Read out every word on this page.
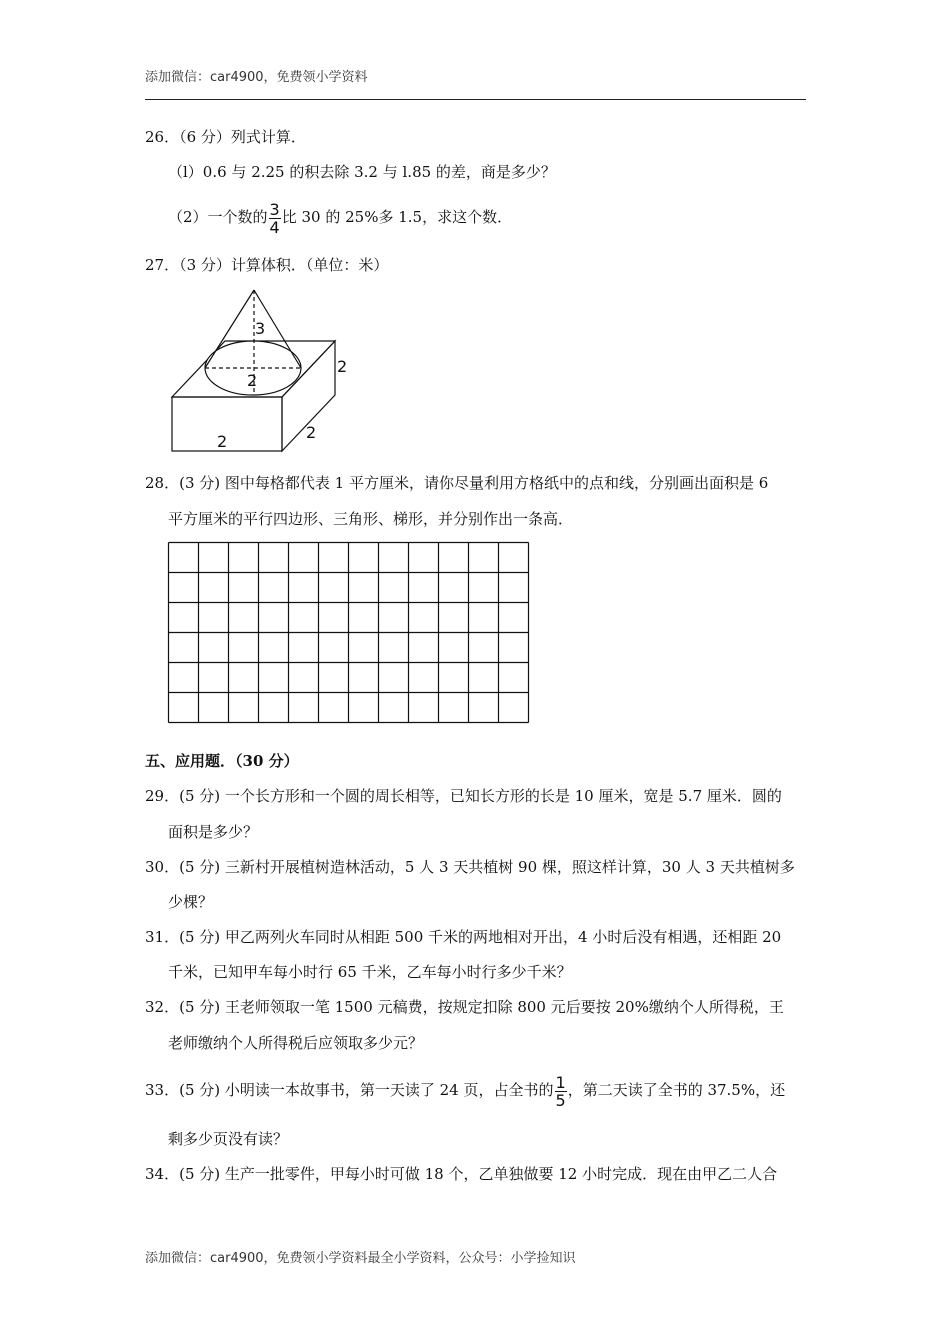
添加微信：car4900，免费领小学资料
26．（6 分）列式计算．
（l）0.6 与 2.25 的积去除 3.2 与 l.85 的差，商是多少？
（2）一个数的 $\frac{3}{4}$ 比 30 的 25%多 1.5，求这个数．
27．（3 分）计算体积．（单位：米）
3
2
2
2	2
28．(3 分) 图中每格都代表 1 平方厘米，请你尽量利用方格纸中的点和线，分别画出面积是 6
平方厘米的平行四边形、三角形、梯形，并分别作出一条高．
五、应用题．（30 分）
29．(5 分) 一个长方形和一个圆的周长相等，已知长方形的长是 10 厘米，宽是 5.7 厘米．圆的
面积是多少？
30．(5 分) 三新村开展植树造林活动，5 人 3 天共植树 90 棵，照这样计算，30 人 3 天共植树多
少棵？
31．(5 分) 甲乙两列火车同时从相距 500 千米的两地相对开出，4 小时后没有相遇，还相距 20
千米，已知甲车每小时行 65 千米，乙车每小时行多少千米？
32．(5 分) 王老师领取一笔 1500 元稿费，按规定扣除 800 元后要按 20%缴纳个人所得税，王
老师缴纳个人所得税后应领取多少元？
33．(5 分) 小明读一本故事书，第一天读了 24 页，占全书的 $\frac{1}{5}$ ，第二天读了全书的 37.5%，还
剩多少页没有读？
34．(5 分) 生产一批零件，甲每小时可做 18 个，乙单独做要 12 小时完成．现在由甲乙二人合
添加微信：car4900，免费领小学资料最全小学资料，公众号：小学捡知识
